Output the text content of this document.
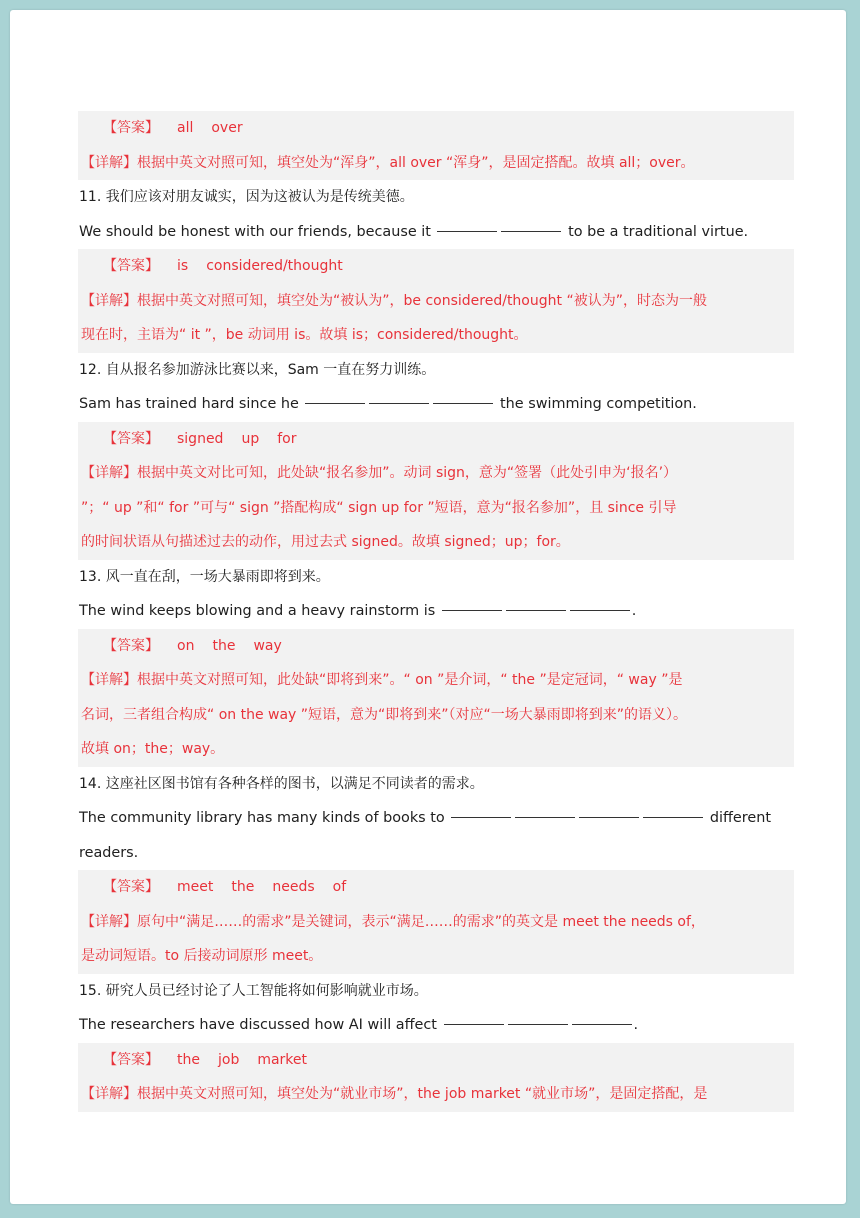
【答案】 all over
【详解】根据中英文对照可知，填空处为“浑身”，all over “浑身”，是固定搭配。故填 all；over。
11. 我们应该对朋友诚实，因为这被认为是传统美德。
We should be honest with our friends, because it	to be a traditional virtue.
【答案】 is considered/thought
【详解】根据中英文对照可知，填空处为“被认为”，be considered/thought “被认为”，时态为一般
现在时，主语为“ it ”，be 动词用 is。故填 is；considered/thought。
12. 自从报名参加游泳比赛以来，Sam 一直在努力训练。
Sam has trained hard since he	the swimming competition.
【答案】 signed up for
【详解】根据中英文对比可知，此处缺“报名参加”。动词 sign，意为“签署（此处引申为‘报名’）
”；“ up ”和“ for ”可与“ sign ”搭配构成“ sign up for ”短语，意为“报名参加”，且 since 引导
的时间状语从句描述过去的动作，用过去式 signed。故填 signed；up；for。
13. 风一直在刮，一场大暴雨即将到来。
The wind keeps blowing and a heavy rainstorm is	.
【答案】 on the way
【详解】根据中英文对照可知，此处缺“即将到来”。“ on ”是介词，“ the ”是定冠词，“ way ”是
名词，三者组合构成“ on the way ”短语，意为“即将到来”（对应“一场大暴雨即将到来”的语义）。
故填 on；the；way。
14. 这座社区图书馆有各种各样的图书，以满足不同读者的需求。
The community library has many kinds of books to	different
readers.
【答案】 meet the needs of
【详解】原句中“满足……的需求”是关键词，表示“满足……的需求”的英文是 meet the needs of，
是动词短语。to 后接动词原形 meet。
15. 研究人员已经讨论了人工智能将如何影响就业市场。
The researchers have discussed how AI will affect	.
【答案】 the job market
【详解】根据中英文对照可知，填空处为“就业市场”，the job market “就业市场”，是固定搭配，是
